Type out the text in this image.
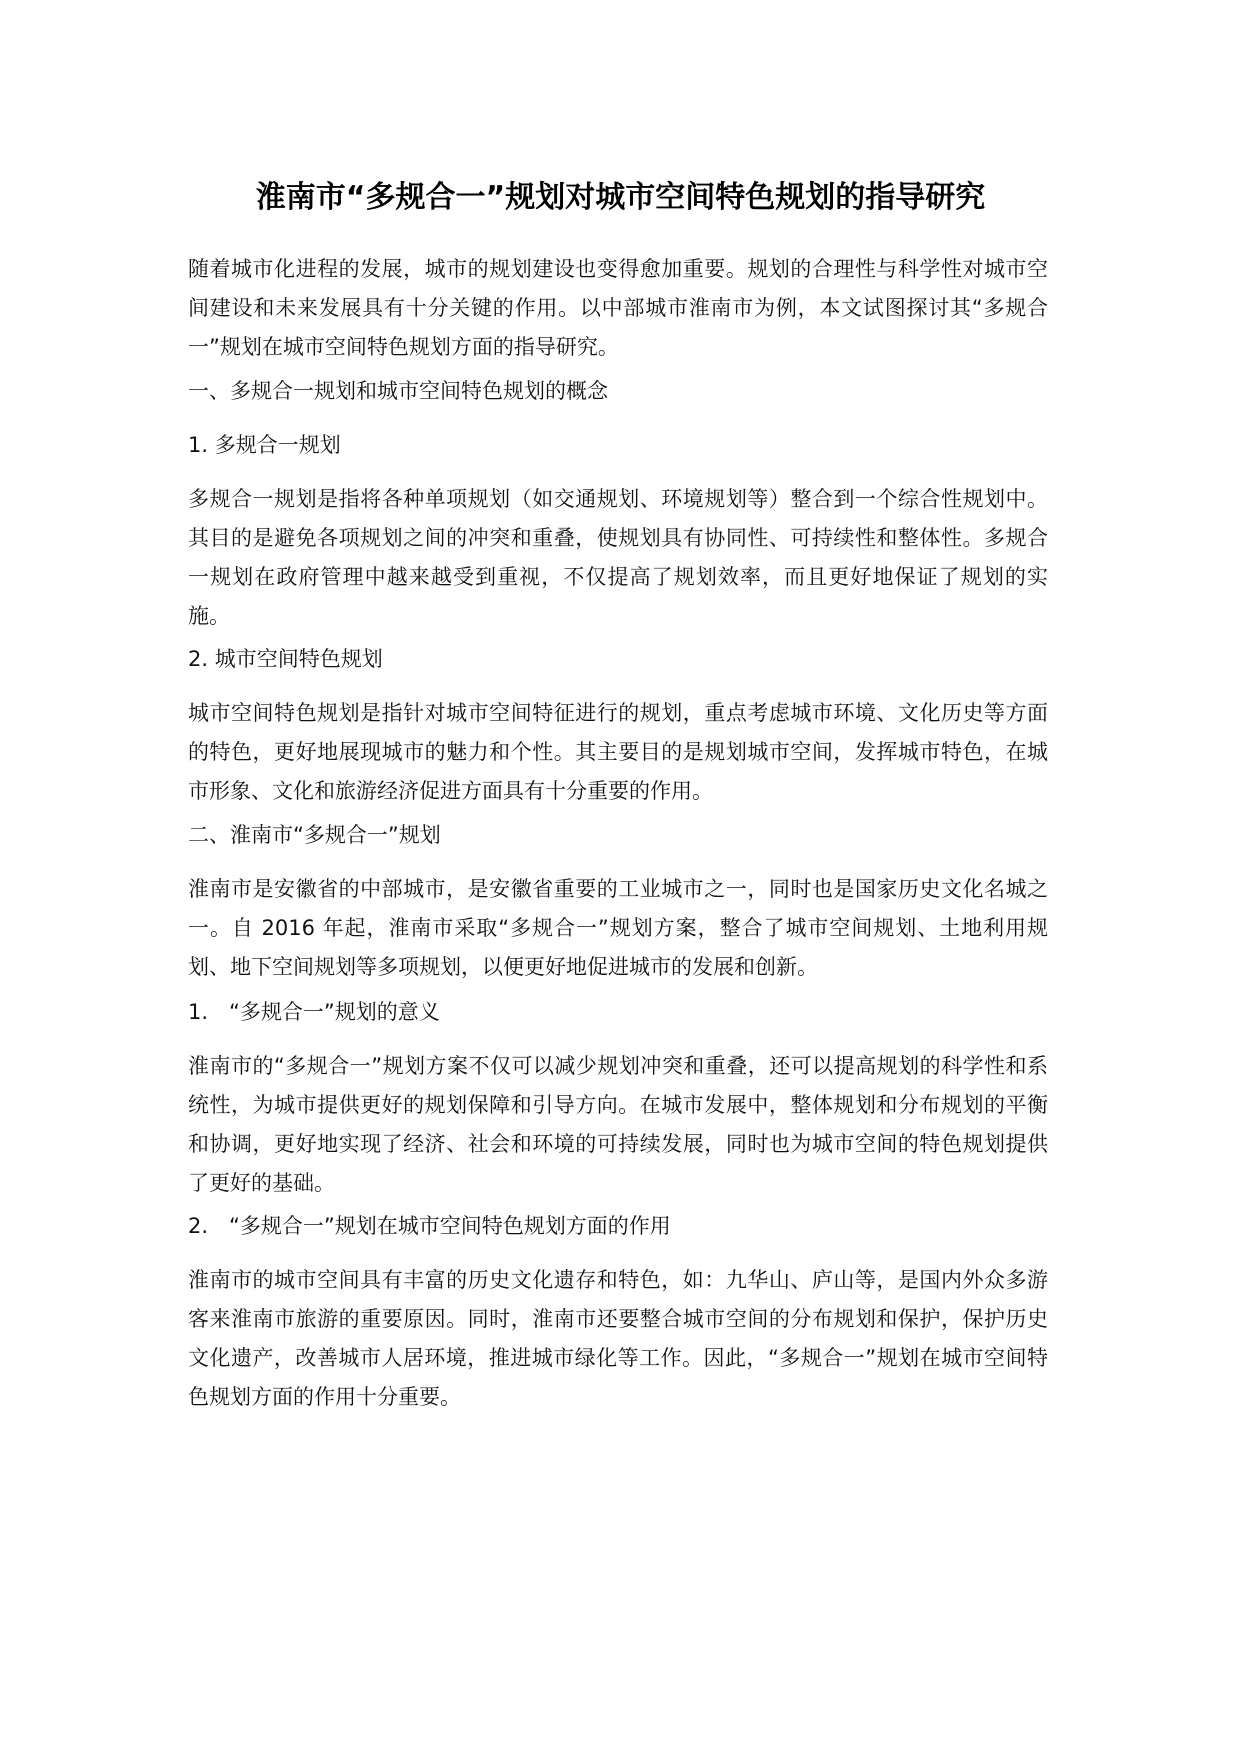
淮南市“多规合一”规划对城市空间特色规划的指导研究

随着城市化进程的发展，城市的规划建设也变得愈加重要。规划的合理性与科学性对城市空间建设和未来发展具有十分关键的作用。以中部城市淮南市为例，本文试图探讨其“多规合一”规划在城市空间特色规划方面的指导研究。

一、多规合一规划和城市空间特色规划的概念

1. 多规合一规划

多规合一规划是指将各种单项规划（如交通规划、环境规划等）整合到一个综合性规划中。其目的是避免各项规划之间的冲突和重叠，使规划具有协同性、可持续性和整体性。多规合一规划在政府管理中越来越受到重视，不仅提高了规划效率，而且更好地保证了规划的实施。

2. 城市空间特色规划

城市空间特色规划是指针对城市空间特征进行的规划，重点考虑城市环境、文化历史等方面的特色，更好地展现城市的魅力和个性。其主要目的是规划城市空间，发挥城市特色，在城市形象、文化和旅游经济促进方面具有十分重要的作用。

二、淮南市“多规合一”规划

淮南市是安徽省的中部城市，是安徽省重要的工业城市之一，同时也是国家历史文化名城之一。自 2016 年起，淮南市采取“多规合一”规划方案，整合了城市空间规划、土地利用规划、地下空间规划等多项规划，以便更好地促进城市的发展和创新。

1.　“多规合一”规划的意义

淮南市的“多规合一”规划方案不仅可以减少规划冲突和重叠，还可以提高规划的科学性和系统性，为城市提供更好的规划保障和引导方向。在城市发展中，整体规划和分布规划的平衡和协调，更好地实现了经济、社会和环境的可持续发展，同时也为城市空间的特色规划提供了更好的基础。

2.　“多规合一”规划在城市空间特色规划方面的作用

淮南市的城市空间具有丰富的历史文化遗存和特色，如：九华山、庐山等，是国内外众多游客来淮南市旅游的重要原因。同时，淮南市还要整合城市空间的分布规划和保护，保护历史文化遗产，改善城市人居环境，推进城市绿化等工作。因此，“多规合一”规划在城市空间特色规划方面的作用十分重要。
